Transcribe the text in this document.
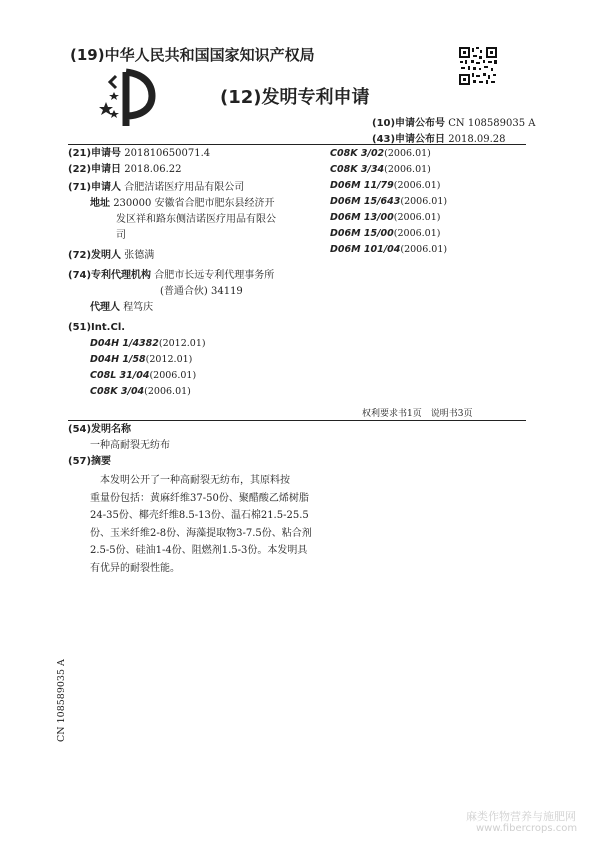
(19)中华人民共和国国家知识产权局
(12)发明专利申请
(10)申请公布号 CN 108589035 A
(43)申请公布日 2018.09.28
(21)申请号 201810650071.4
(22)申请日 2018.06.22
(71)申请人 合肥洁诺医疗用品有限公司
地址 230000 安徽省合肥市肥东县经济开
发区祥和路东侧洁诺医疗用品有限公
司
(72)发明人 张德满
(74)专利代理机构 合肥市长远专利代理事务所
(普通合伙) 34119
代理人 程笃庆
(51)Int.Cl.
D04H 1/4382(2012.01)
D04H 1/58(2012.01)
C08L 31/04(2006.01)
C08K 3/04(2006.01)
C08K 3/02(2006.01)
C08K 3/34(2006.01)
D06M 11/79(2006.01)
D06M 15/643(2006.01)
D06M 13/00(2006.01)
D06M 15/00(2006.01)
D06M 101/04(2006.01)
权利要求书1页　说明书3页
(54)发明名称
一种高耐裂无纺布
(57)摘要
　本发明公开了一种高耐裂无纺布，其原料按
重量份包括：黄麻纤维37-50份、聚醋酸乙烯树脂
24-35份、椰壳纤维8.5-13份、温石棉21.5-25.5
份、玉米纤维2-8份、海藻提取物3-7.5份、粘合剂
2.5-5份、硅油1-4份、阻燃剂1.5-3份。本发明具
有优异的耐裂性能。
CN 108589035 A
麻类作物营养与施肥网
www.fibercrops.com
